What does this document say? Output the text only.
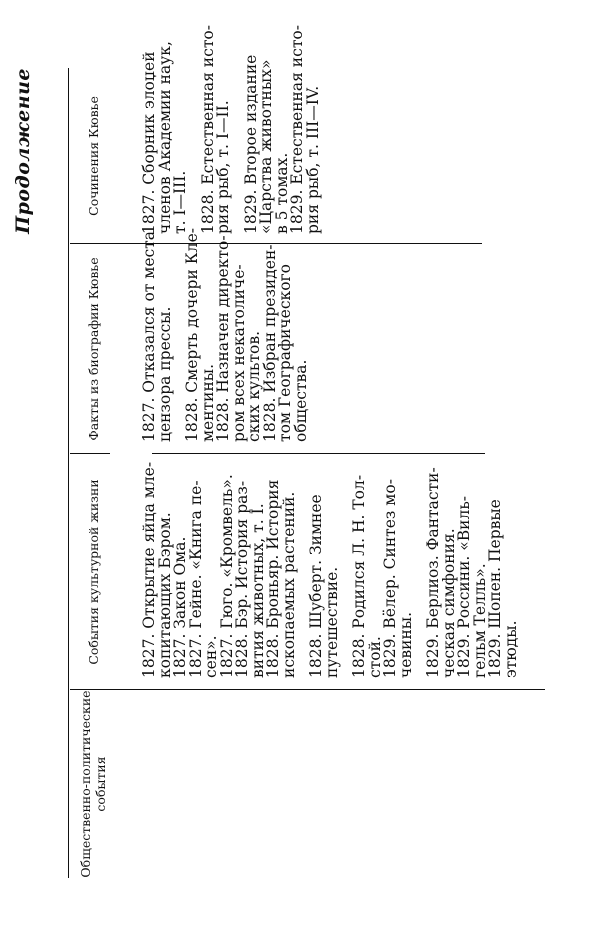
Продолжение
Общественно-политические события
События культурной жизни
Факты из биографии Кювье
Сочинения Кювье
1827. Открытие яйца мле-
копитающих Бэром.
1827. Закон Ома.
1827. Гейне. «Книга пе-
сен».
1827. Гюго. «Кромвель».
1828. Бэр. История раз-
вития животных, т. I.
1828. Броньяр. История
ископаемых растений. 1828. Шуберт. Зимнее
путешествие. 1828. Родился Л. Н. Тол-
стой.
1829. Вёлер. Синтез мо-
чевины. 1829. Берлиоз. Фантасти-
ческая симфония.
1829. Россини. «Виль-
гельм Телль».
1829. Шопен. Первые
этюды.
1827. Отказался от места
цензора прессы. 1828. Смерть дочери Кле-
ментины.
1828. Назначен директо-
ром всех некатоличе-
ских культов.
1828. Избран президен-
том Географического
общества.
1827. Сборник элоџей
членов Академии наук,
т. I—III. 1828. Естественная исто-
рия рыб, т. I—II. 1829. Второе издание
«Царства животных»
в 5 томах.
1829. Естественная исто-
рия рыб, т. III—IV.
